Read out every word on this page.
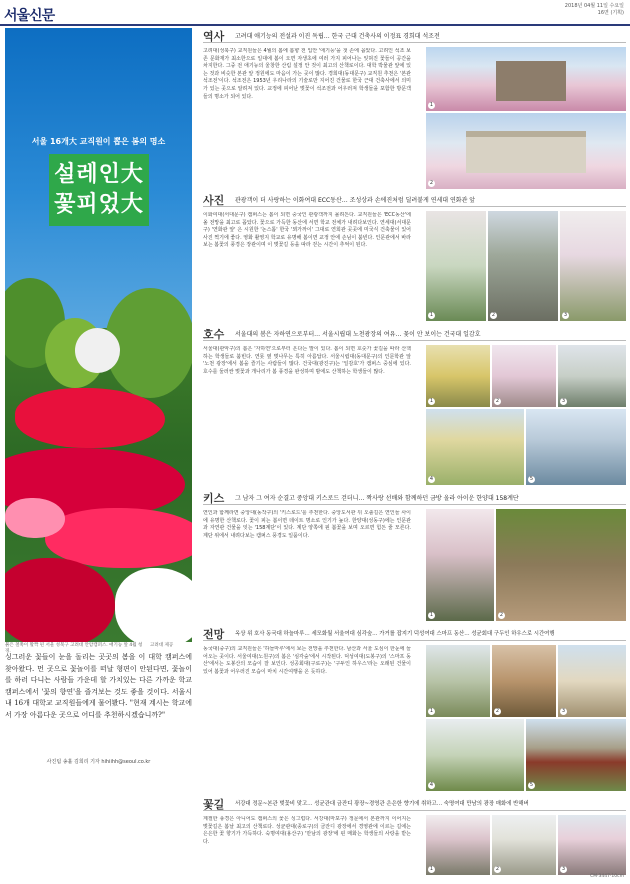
서울신문
2018년 04월 11일 수요일
16면 (기획)
서울 16개大 교직원이 뽑은 봄의 명소
설레인大
꽃피었大
붉은 철쭉이 활짝 핀 서울 성북구 고려대 안암캠퍼스. 애기능 앞 4월 청경.
고려대 제공
싱그러운 꽃들이 눈을 돌리는 곳곳의 봄을 이 대학 캠퍼스에 찾아왔다. 먼 곳으로 꽃놀이를 떠날 형편이 안된다면, 꽃놀이를 하러 다니는 사람들 가운데 할 가치있는 다른 가까운 학교 캠퍼스에서 '꽃의 향연'을 즐겨보는 것도 좋을 것이다. 서울시내 16개 대학교 교직원들에게 물어봤다. "현재 계시는 학교에서 가장 아름다운 곳으로 어디를 추천하시겠습니까?"
사진팀 송휼 김희리 기자 hihiihh@seoul.co.kr
역사 고려대 애기능의 전설과 이진 독립… 한국 근대 건축사의 이정표 경희대 석조전
고려대(성북구) 교직원들은 4월의 봄에 봄향 전 입안 '애기능'을 첫 손에 꼽았다. 고려인 석조 보존 문화재가 최소한으로 일대에 봄이 오면 자생초에 여러 가지 피어나는 잊혀진 꽃들이 공간을 차지한다. 그중 전 애기능의 울창한 산림 설정 안 것이 최고의 산책로이다. 대학 박물관 앞에 있는 것과 비슷한 본관 앞 정원에도 마음이 가는 곳이 많다. 경희대(동대문구) 교직원 추천은 '본관 석조전'이다. 석조전은 1953년 우리나라의 기술로만 지어진 건물로 한국 근대 건축사에서 의미가 있는 곳으로 알려져 있다. 교정에 피어난 벚꽃이 석조전과 어우러져 학생들을 포함한 방문객들의 명소가 되어 있다.
1
2
사진 관광객이 더 사랑하는 이화여대 ECC동산… 조성상과 손에진처럼 딜려붙게 연세대 연화관 앞
이화여대(서대문구) 캠퍼스는 봄이 되면 중국인 관광객까지 몰려든다. 교직원들은 'ECC동산'에 올 전망을 최고로 꼽았다. 꽃으로 가득한 동산에 서면 학교 전체가 내려다보인다. 연세대(서대문구) '연화관 앞' 은 시원한 '논스톱' 한국 '뫼가까이' 그대로 연희관 곳곳에 미국식 건축물이 있어 사진 찍기에 좋다. 영화 촬영지 학교로 유명해 봄이면 교정 안에 손님이 붐빈다. 인문관에서 바라보는 봄꽃의 풍경은 장관이며 이 벚꽃길 등을 따라 걷는 시간이 추억이 된다.
1	2	3
호수 서울대의 봄은 자하연으로부터… 서울시립대 노천광장의 여유… 꽃이 안 보이는 건국대 일감호
서울대(관악구)의 봄은 '자하연'으로부터 온다는 말이 있다. 봄이 되면 호숫가 꽃길을 따라 산책하는 학생들로 붐빈다. 연못 옆 벚나무는 특히 아름답다. 서울시립대(동대문구)의 인문학관 앞 '노천 광장'에서 봄을 즐기는 사람들이 많다. 건국대(광진구)는 '일감호'가 캠퍼스 중심에 있다. 호수를 둘러싼 벚꽃과 개나리가 봄 풍경을 완성하며 밤에도 산책하는 학생들이 많다.
1	2	3
4	5
키스 그 남자 그 여자 순결고 중앙대 키스로드 걷더니… 짝사랑 선배와 함께하던 금방 올라 아이운 한양대 158계단
연인과 함께라면 중앙대(동작구)의 '키스로드'를 추천한다. 중앙도서관 뒤 오솔길은 연인들 사이에 유명한 산책로다. 꽃이 피는 봄이면 데이트 명소로 인기가 높다. 한양대(성동구)에는 인문관과 자연관 건물을 잇는 '158계단'이 있다. 계단 양쪽에 핀 봄꽃을 보며 오르면 힘든 줄 모른다. 계단 위에서 내려다보는 캠퍼스 풍경도 일품이다.
1	2
전망 옥상 위 호사 동국대 하늘마루… 세모화월 서울여대 심각숲… 가거를 잡지기 덕성여대 스마프 동산… 성균회대 구두인 하우스로 시간여행
동국대(중구)의 교직원들은 '하늘마루'에서 보는 전망을 추천한다. 남산과 서울 도심이 한눈에 들어오는 곳이다. 서울여대(노원구)의 봄은 '심각숲'에서 시작된다. 덕성여대(도봉구)의 '스마프 동산'에서는 도봉산의 모습이 잘 보인다. 성공회대(구로구)는 '구두인 하우스'라는 오래된 건물이 있어 봄꽃과 어우러진 모습이 마치 시간여행을 온 듯하다.
1	2	3
4	5
꽃길 서강대 정문~본관 벚꽃비 맞고… 성균관대 금잔디 광장~경영관 은은한 향기에 취하고… 숙명여대 만남의 광장 매화에 반해버
계절한 풍경은 아니어도 캠퍼스의 꽃은 싱그럽다. 서강대(마포구) 정문에서 본관까지 이어지는 벚꽃길은 봄날 최고의 산책로다. 성균관대(종로구)의 금잔디 광장에서 경영관에 이르는 길에는 은은한 꽃 향기가 가득하다. 숙명여대(용산구) '만남의 광장'에 핀 매화는 학생들의 사랑을 받는다.
1	2	3
CM·3447·10cm
